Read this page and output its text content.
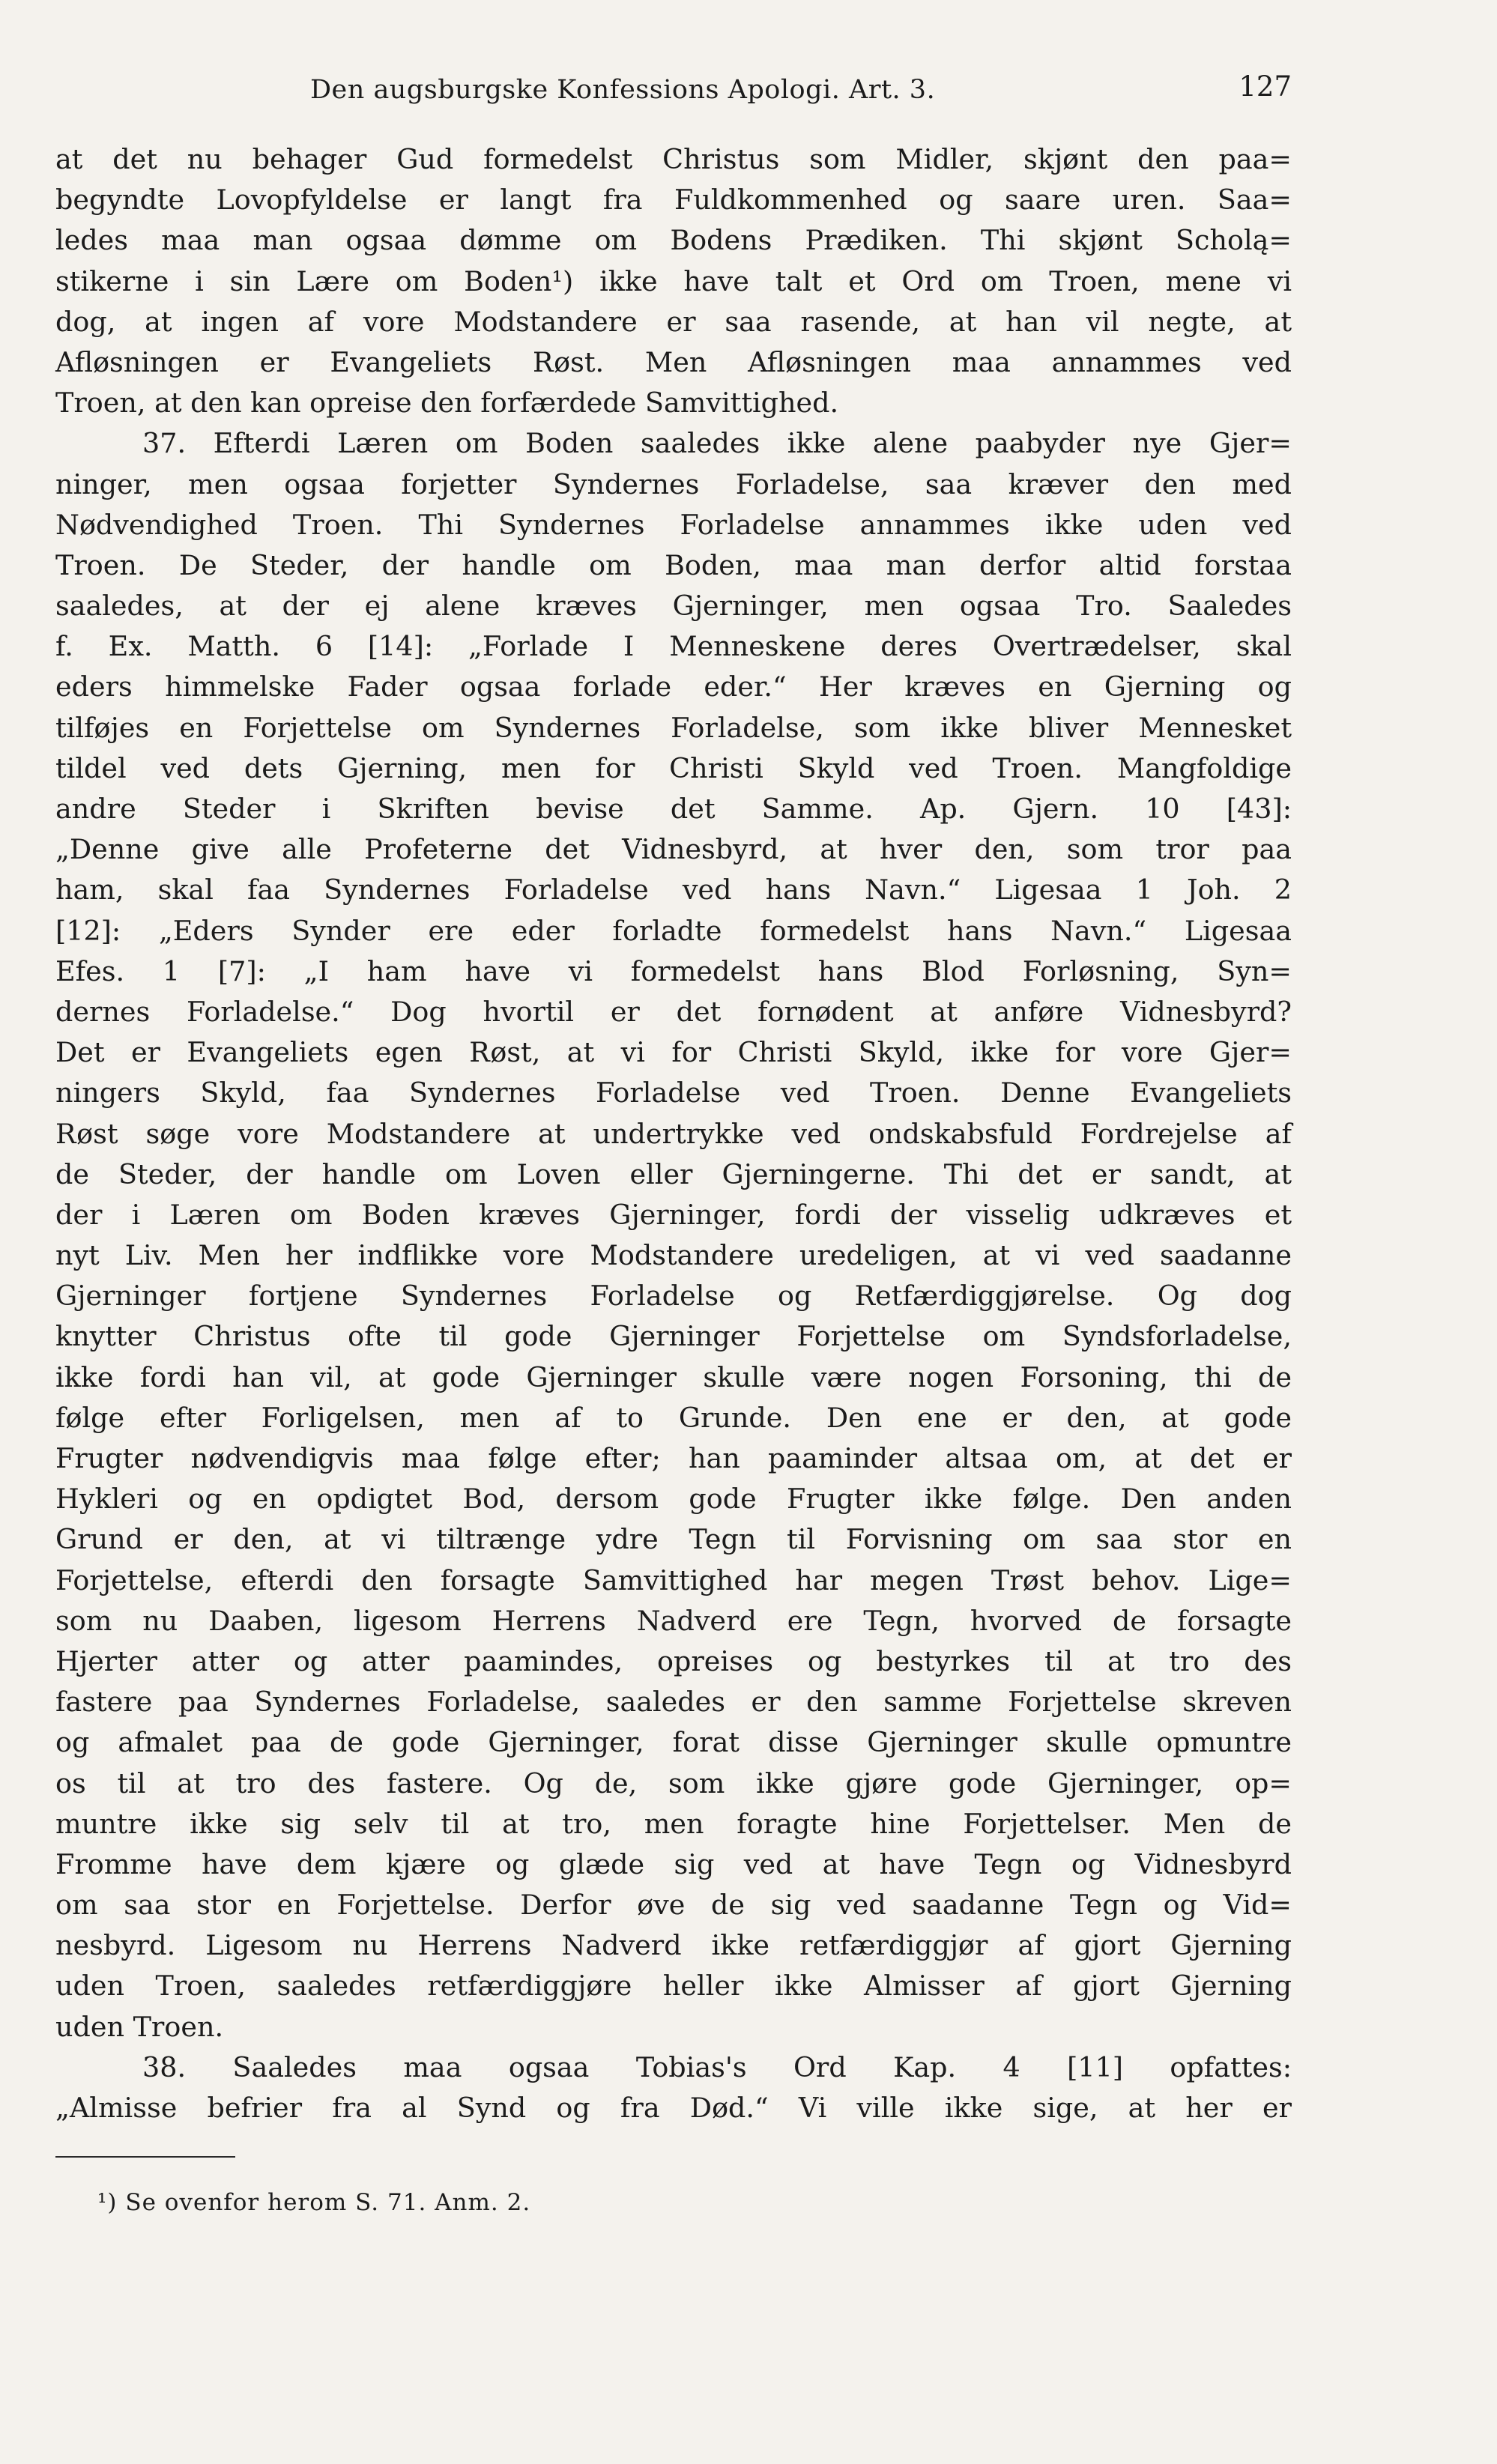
Den augsburgske Konfessions Apologi. Art. 3.	127
at det nu behager Gud formedelst Christus som Midler, skjønt den paa=
begyndte Lovopfyldelse er langt fra Fuldkommenhed og saare uren. Saa=
ledes maa man ogsaa dømme om Bodens Prædiken. Thi skjønt Scholą=
stikerne i sin Lære om Boden¹) ikke have talt et Ord om Troen, mene vi
dog, at ingen af vore Modstandere er saa rasende, at han vil negte, at
Afløsningen er Evangeliets Røst. Men Afløsningen maa annammes ved
Troen, at den kan opreise den forfærdede Samvittighed.
37. Efterdi Læren om Boden saaledes ikke alene paabyder nye Gjer=
ninger, men ogsaa forjetter Syndernes Forladelse, saa kræver den med
Nødvendighed Troen. Thi Syndernes Forladelse annammes ikke uden ved
Troen. De Steder, der handle om Boden, maa man derfor altid forstaa
saaledes, at der ej alene kræves Gjerninger, men ogsaa Tro. Saaledes
f. Ex. Matth. 6 [14]: „Forlade I Menneskene deres Overtrædelser, skal
eders himmelske Fader ogsaa forlade eder.“ Her kræves en Gjerning og
tilføjes en Forjettelse om Syndernes Forladelse, som ikke bliver Mennesket
tildel ved dets Gjerning, men for Christi Skyld ved Troen. Mangfoldige
andre Steder i Skriften bevise det Samme. Ap. Gjern. 10 [43]:
„Denne give alle Profeterne det Vidnesbyrd, at hver den, som tror paa
ham, skal faa Syndernes Forladelse ved hans Navn.“ Ligesaa 1 Joh. 2
[12]: „Eders Synder ere eder forladte formedelst hans Navn.“ Ligesaa
Efes. 1 [7]: „I ham have vi formedelst hans Blod Forløsning, Syn=
dernes Forladelse.“ Dog hvortil er det fornødent at anføre Vidnesbyrd?
Det er Evangeliets egen Røst, at vi for Christi Skyld, ikke for vore Gjer=
ningers Skyld, faa Syndernes Forladelse ved Troen. Denne Evangeliets
Røst søge vore Modstandere at undertrykke ved ondskabsfuld Fordrejelse af
de Steder, der handle om Loven eller Gjerningerne. Thi det er sandt, at
der i Læren om Boden kræves Gjerninger, fordi der visselig udkræves et
nyt Liv. Men her indflikke vore Modstandere uredeligen, at vi ved saadanne
Gjerninger fortjene Syndernes Forladelse og Retfærdiggjørelse. Og dog
knytter Christus ofte til gode Gjerninger Forjettelse om Syndsforladelse,
ikke fordi han vil, at gode Gjerninger skulle være nogen Forsoning, thi de
følge efter Forligelsen, men af to Grunde. Den ene er den, at gode
Frugter nødvendigvis maa følge efter; han paaminder altsaa om, at det er
Hykleri og en opdigtet Bod, dersom gode Frugter ikke følge. Den anden
Grund er den, at vi tiltrænge ydre Tegn til Forvisning om saa stor en
Forjettelse, efterdi den forsagte Samvittighed har megen Trøst behov. Lige=
som nu Daaben, ligesom Herrens Nadverd ere Tegn, hvorved de forsagte
Hjerter atter og atter paamindes, opreises og bestyrkes til at tro des
fastere paa Syndernes Forladelse, saaledes er den samme Forjettelse skreven
og afmalet paa de gode Gjerninger, forat disse Gjerninger skulle opmuntre
os til at tro des fastere. Og de, som ikke gjøre gode Gjerninger, op=
muntre ikke sig selv til at tro, men foragte hine Forjettelser. Men de
Fromme have dem kjære og glæde sig ved at have Tegn og Vidnesbyrd
om saa stor en Forjettelse. Derfor øve de sig ved saadanne Tegn og Vid=
nesbyrd. Ligesom nu Herrens Nadverd ikke retfærdiggjør af gjort Gjerning
uden Troen, saaledes retfærdiggjøre heller ikke Almisser af gjort Gjerning
uden Troen.
38. Saaledes maa ogsaa Tobias's Ord Kap. 4 [11] opfattes:
„Almisse befrier fra al Synd og fra Død.“ Vi ville ikke sige, at her er
¹) Se ovenfor herom S. 71. Anm. 2.
